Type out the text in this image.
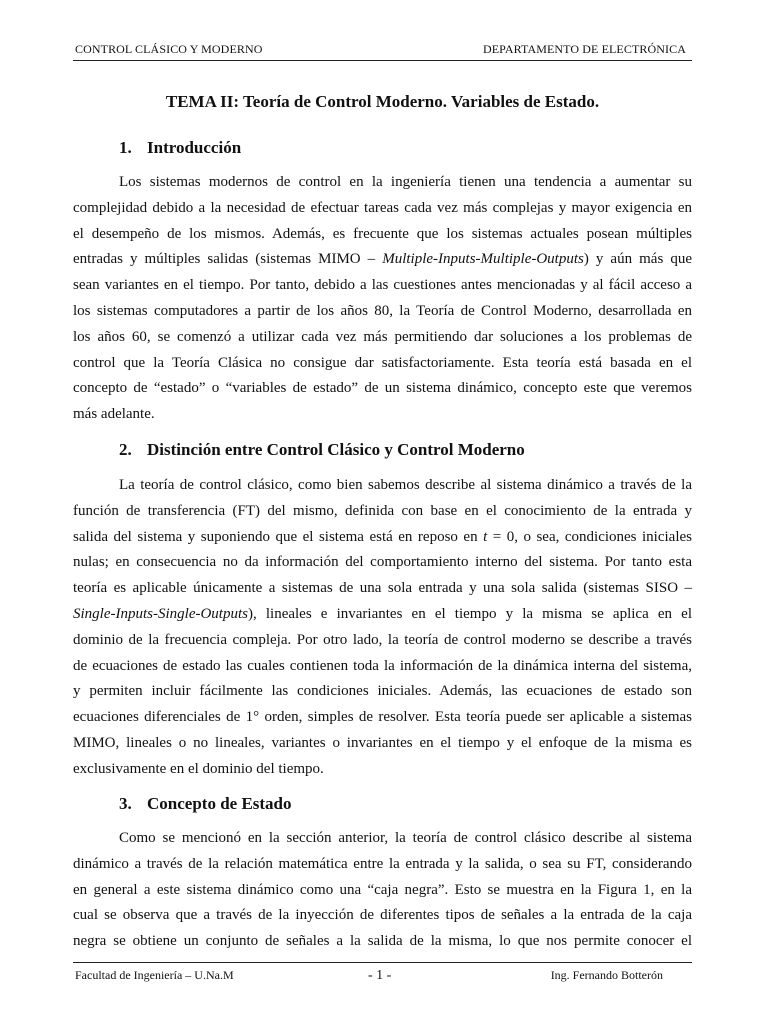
CONTROL CLÁSICO Y MODERNO	DEPARTAMENTO DE ELECTRÓNICA
TEMA II: Teoría de Control Moderno. Variables de Estado.
1. Introducción
Los sistemas modernos de control en la ingeniería tienen una tendencia a aumentar su
complejidad debido a la necesidad de efectuar tareas cada vez más complejas y mayor exigencia en
el desempeño de los mismos. Además, es frecuente que los sistemas actuales posean múltiples
entradas y múltiples salidas (sistemas MIMO – Multiple-Inputs-Multiple-Outputs) y aún más que
sean variantes en el tiempo. Por tanto, debido a las cuestiones antes mencionadas y al fácil acceso a
los sistemas computadores a partir de los años 80, la Teoría de Control Moderno, desarrollada en
los años 60, se comenzó a utilizar cada vez más permitiendo dar soluciones a los problemas de
control que la Teoría Clásica no consigue dar satisfactoriamente. Esta teoría está basada en el
concepto de “estado” o “variables de estado” de un sistema dinámico, concepto este que veremos
más adelante.
2. Distinción entre Control Clásico y Control Moderno
La teoría de control clásico, como bien sabemos describe al sistema dinámico a través de la
función de transferencia (FT) del mismo, definida con base en el conocimiento de la entrada y
salida del sistema y suponiendo que el sistema está en reposo en t = 0, o sea, condiciones iniciales
nulas; en consecuencia no da información del comportamiento interno del sistema. Por tanto esta
teoría es aplicable únicamente a sistemas de una sola entrada y una sola salida (sistemas SISO –
Single-Inputs-Single-Outputs), lineales e invariantes en el tiempo y la misma se aplica en el
dominio de la frecuencia compleja. Por otro lado, la teoría de control moderno se describe a través
de ecuaciones de estado las cuales contienen toda la información de la dinámica interna del sistema,
y permiten incluir fácilmente las condiciones iniciales. Además, las ecuaciones de estado son
ecuaciones diferenciales de 1° orden, simples de resolver. Esta teoría puede ser aplicable a sistemas
MIMO, lineales o no lineales, variantes o invariantes en el tiempo y el enfoque de la misma es
exclusivamente en el dominio del tiempo.
3. Concepto de Estado
Como se mencionó en la sección anterior, la teoría de control clásico describe al sistema
dinámico a través de la relación matemática entre la entrada y la salida, o sea su FT, considerando
en general a este sistema dinámico como una “caja negra”. Esto se muestra en la Figura 1, en la
cual se observa que a través de la inyección de diferentes tipos de señales a la entrada de la caja
negra se obtiene un conjunto de señales a la salida de la misma, lo que nos permite conocer el
Facultad de Ingeniería – U.Na.M	- 1 -	Ing. Fernando Botterón
